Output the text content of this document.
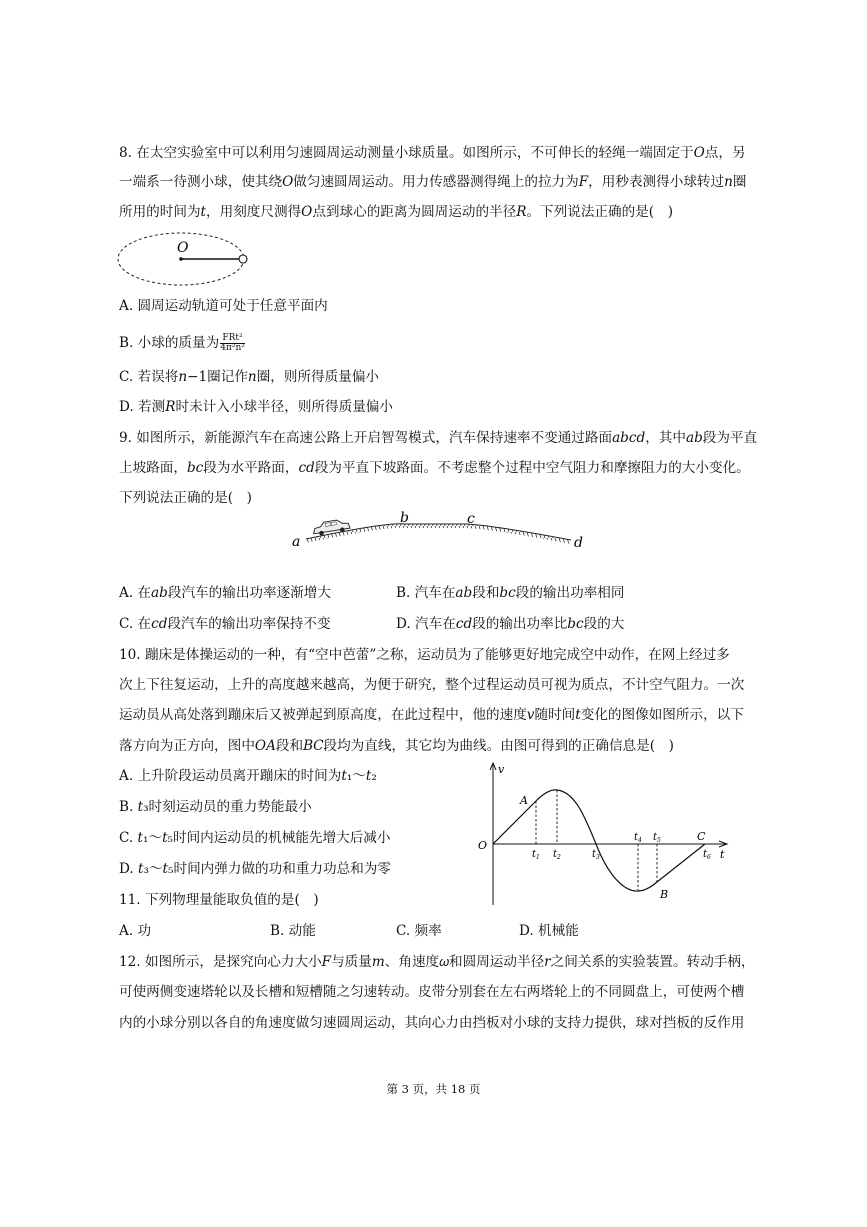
8. 在太空实验室中可以利用匀速圆周运动测量小球质量。如图所示，不可伸长的轻绳一端固定于𝑂点，另
一端系一待测小球，使其绕𝑂做匀速圆周运动。用力传感器测得绳上的拉力为𝐹，用秒表测得小球转过𝑛圈
所用的时间为𝑡，用刻度尺测得𝑂点到球心的距离为圆周运动的半径𝑅。下列说法正确的是(　)
O
A. 圆周运动轨道可处于任意平面内
B. 小球的质量为 $\frac{\text{FRt²}}{\text{4π²n²}}$
C. 若误将𝑛−1圈记作𝑛圈，则所得质量偏小
D. 若测𝑅时未计入小球半径，则所得质量偏小
9. 如图所示，新能源汽车在高速公路上开启智驾模式，汽车保持速率不变通过路面𝑎𝑏𝑐𝑑，其中𝑎𝑏段为平直
上坡路面，𝑏𝑐段为水平路面，𝑐𝑑段为平直下坡路面。不考虑整个过程中空气阻力和摩擦阻力的大小变化。
下列说法正确的是(　)
a
b	c
d
A. 在𝑎𝑏段汽车的输出功率逐渐增大	B. 汽车在𝑎𝑏段和𝑏𝑐段的输出功率相同
C. 在𝑐𝑑段汽车的输出功率保持不变	D. 汽车在𝑐𝑑段的输出功率比𝑏𝑐段的大
10. 蹦床是体操运动的一种，有“空中芭蕾”之称，运动员为了能够更好地完成空中动作，在网上经过多
次上下往复运动，上升的高度越来越高，为便于研究，整个过程运动员可视为质点，不计空气阻力。一次
运动员从高处落到蹦床后又被弹起到原高度，在此过程中，他的速度𝑣随时间𝑡变化的图像如图所示，以下
落方向为正方向，图中𝑂𝐴段和𝐵𝐶段均为直线，其它均为曲线。由图可得到的正确信息是(　)
A. 上升阶段运动员离开蹦床的时间为𝑡₁～𝑡₂
B. 𝑡₃时刻运动员的重力势能最小
C. 𝑡₁～𝑡₅时间内运动员的机械能先增大后减小
D. 𝑡₃～𝑡₅时间内弹力做的功和重力功总和为零
v
t
O
A
B
C
$t_1$ $t_2$	$t_3$
$t_4$ $t_5$
$t_6$
11. 下列物理量能取负值的是(　)
A. 功	B. 动能	C. 频率	D. 机械能
12. 如图所示，是探究向心力大小𝐹与质量𝑚、角速度𝜔和圆周运动半径𝑟之间关系的实验装置。转动手柄，
可使两侧变速塔轮以及长槽和短槽随之匀速转动。皮带分别套在左右两塔轮上的不同圆盘上，可使两个槽
内的小球分别以各自的角速度做匀速圆周运动，其向心力由挡板对小球的支持力提供，球对挡板的反作用
第 3 页，共 18 页
